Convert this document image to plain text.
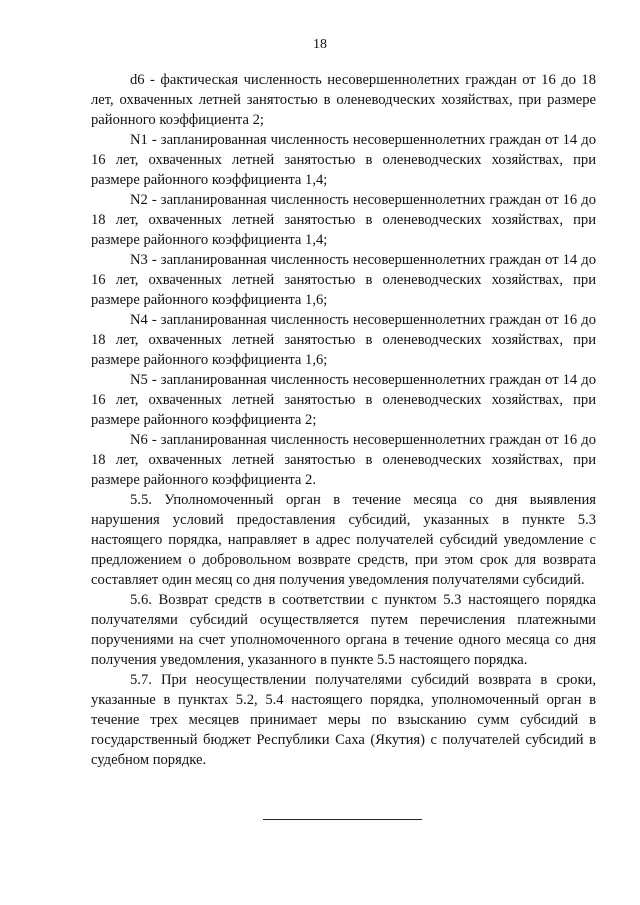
18

d6 - фактическая численность несовершеннолетних граждан от 16 до 18 лет, охваченных летней занятостью в оленеводческих хозяйствах, при размере районного коэффициента 2;

N1 - запланированная численность несовершеннолетних граждан от 14 до 16 лет, охваченных летней занятостью в оленеводческих хозяйствах, при размере районного коэффициента 1,4;

N2 - запланированная численность несовершеннолетних граждан от 16 до 18 лет, охваченных летней занятостью в оленеводческих хозяйствах, при размере районного коэффициента 1,4;

N3 - запланированная численность несовершеннолетних граждан от 14 до 16 лет, охваченных летней занятостью в оленеводческих хозяйствах, при размере районного коэффициента 1,6;

N4 - запланированная численность несовершеннолетних граждан от 16 до 18 лет, охваченных летней занятостью в оленеводческих хозяйствах, при размере районного коэффициента 1,6;

N5 - запланированная численность несовершеннолетних граждан от 14 до 16 лет, охваченных летней занятостью в оленеводческих хозяйствах, при размере районного коэффициента 2;

N6 - запланированная численность несовершеннолетних граждан от 16 до 18 лет, охваченных летней занятостью в оленеводческих хозяйствах, при размере районного коэффициента 2.

5.5. Уполномоченный орган в течение месяца со дня выявления нарушения условий предоставления субсидий, указанных в пункте 5.3 настоящего порядка, направляет в адрес получателей субсидий уведомление с предложением о добровольном возврате средств, при этом срок для возврата составляет один месяц со дня получения уведомления получателями субсидий.

5.6. Возврат средств в соответствии с пунктом 5.3 настоящего порядка получателями субсидий осуществляется путем перечисления платежными поручениями на счет уполномоченного органа в течение одного месяца со дня получения уведомления, указанного в пункте 5.5 настоящего порядка.

5.7. При неосуществлении получателями субсидий возврата в сроки, указанные в пунктах 5.2, 5.4 настоящего порядка, уполномоченный орган в течение трех месяцев принимает меры по взысканию сумм субсидий в государственный бюджет Республики Саха (Якутия) с получателей субсидий в судебном порядке.
